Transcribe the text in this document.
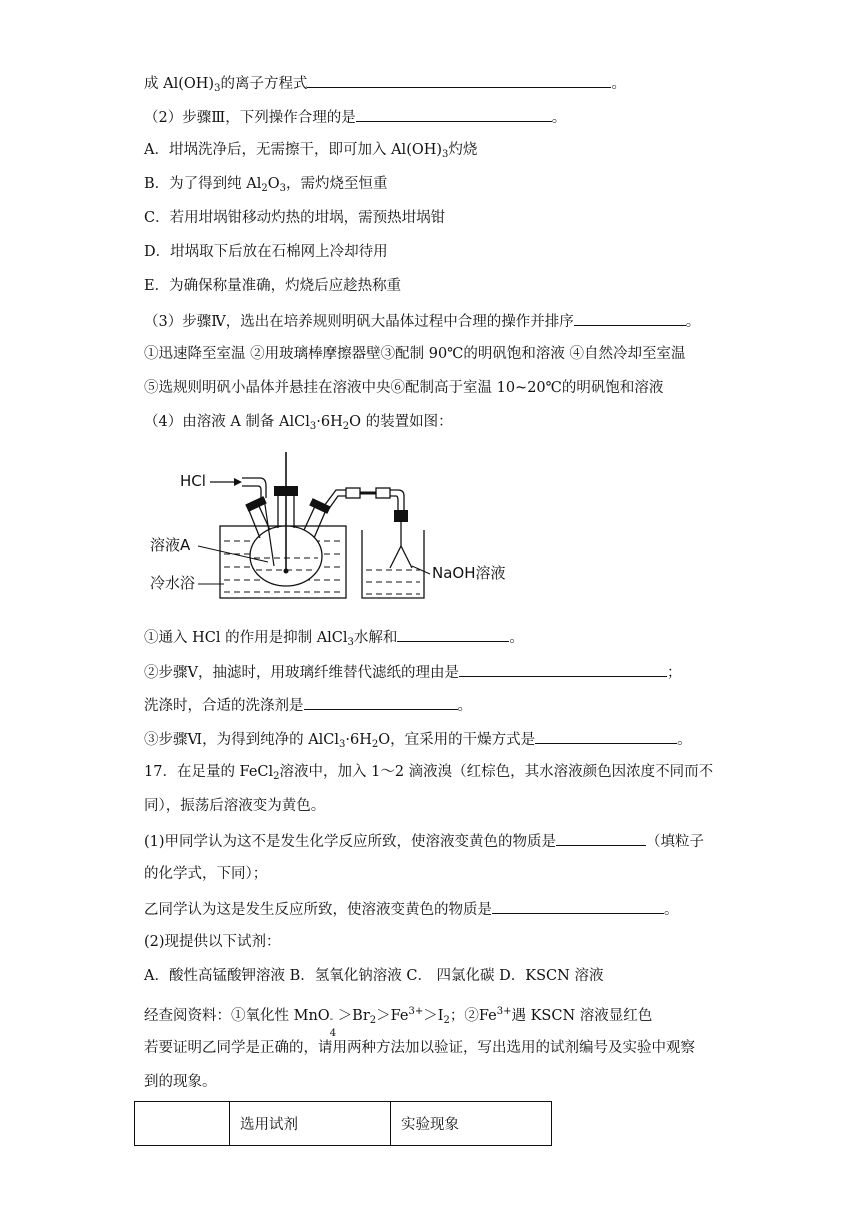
成 $Al(OH)_3$的离子方程式	。
（2）步骤Ⅲ，下列操作合理的是	。
A．坩埚洗净后，无需擦干，即可加入 $Al(OH)_3$灼烧
B．为了得到纯 $Al_2O_3$，需灼烧至恒重
C．若用坩埚钳移动灼热的坩埚，需预热坩埚钳
D．坩埚取下后放在石棉网上冷却待用
E．为确保称量准确，灼烧后应趁热称重
（3）步骤Ⅳ，选出在培养规则明矾大晶体过程中合理的操作并排序	。
①迅速降至室温 ②用玻璃棒摩擦器壁③配制 90℃的明矾饱和溶液 ④自然冷却至室温
⑤选规则明矾小晶体并悬挂在溶液中央⑥配制高于室温 10~20℃的明矾饱和溶液
（4）由溶液 A 制备 $AlCl_3\cdot 6H_2O$ 的装置如图：
HCl
溶液A
冷水浴
NaOH溶液
①通入 HCl 的作用是抑制 AlCl$_3$水解和	。
②步骤Ⅴ，抽滤时，用玻璃纤维替代滤纸的理由是	；
洗涤时，合适的洗涤剂是	。
③步骤Ⅵ，为得到纯净的 $AlCl_3\cdot 6H_2O$，宜采用的干燥方式是	。
17．在足量的 FeCl$_2$溶液中，加入 1～2 滴液溴（红棕色，其水溶液颜色因浓度不同而不
同），振荡后溶液变为黄色。
(1)甲同学认为这不是发生化学反应所致，使溶液变黄色的物质是	（填粒子
的化学式，下同）；
乙同学认为这是发生反应所致，使溶液变黄色的物质是	。
(2)现提供以下试剂：
A．酸性高锰酸钾溶液 B．氢氧化钠溶液 C． 四氯化碳 D．KSCN 溶液
经查阅资料：①氧化性 MnO -
4
$>Br_2>Fe^{3+}>I_2$；$②Fe^{3+}$遇 KSCN 溶液显红色
若要证明乙同学是正确的，请用两种方法加以验证，写出选用的试剂编号及实验中观察
到的现象。
	选用试剂	实验现象
